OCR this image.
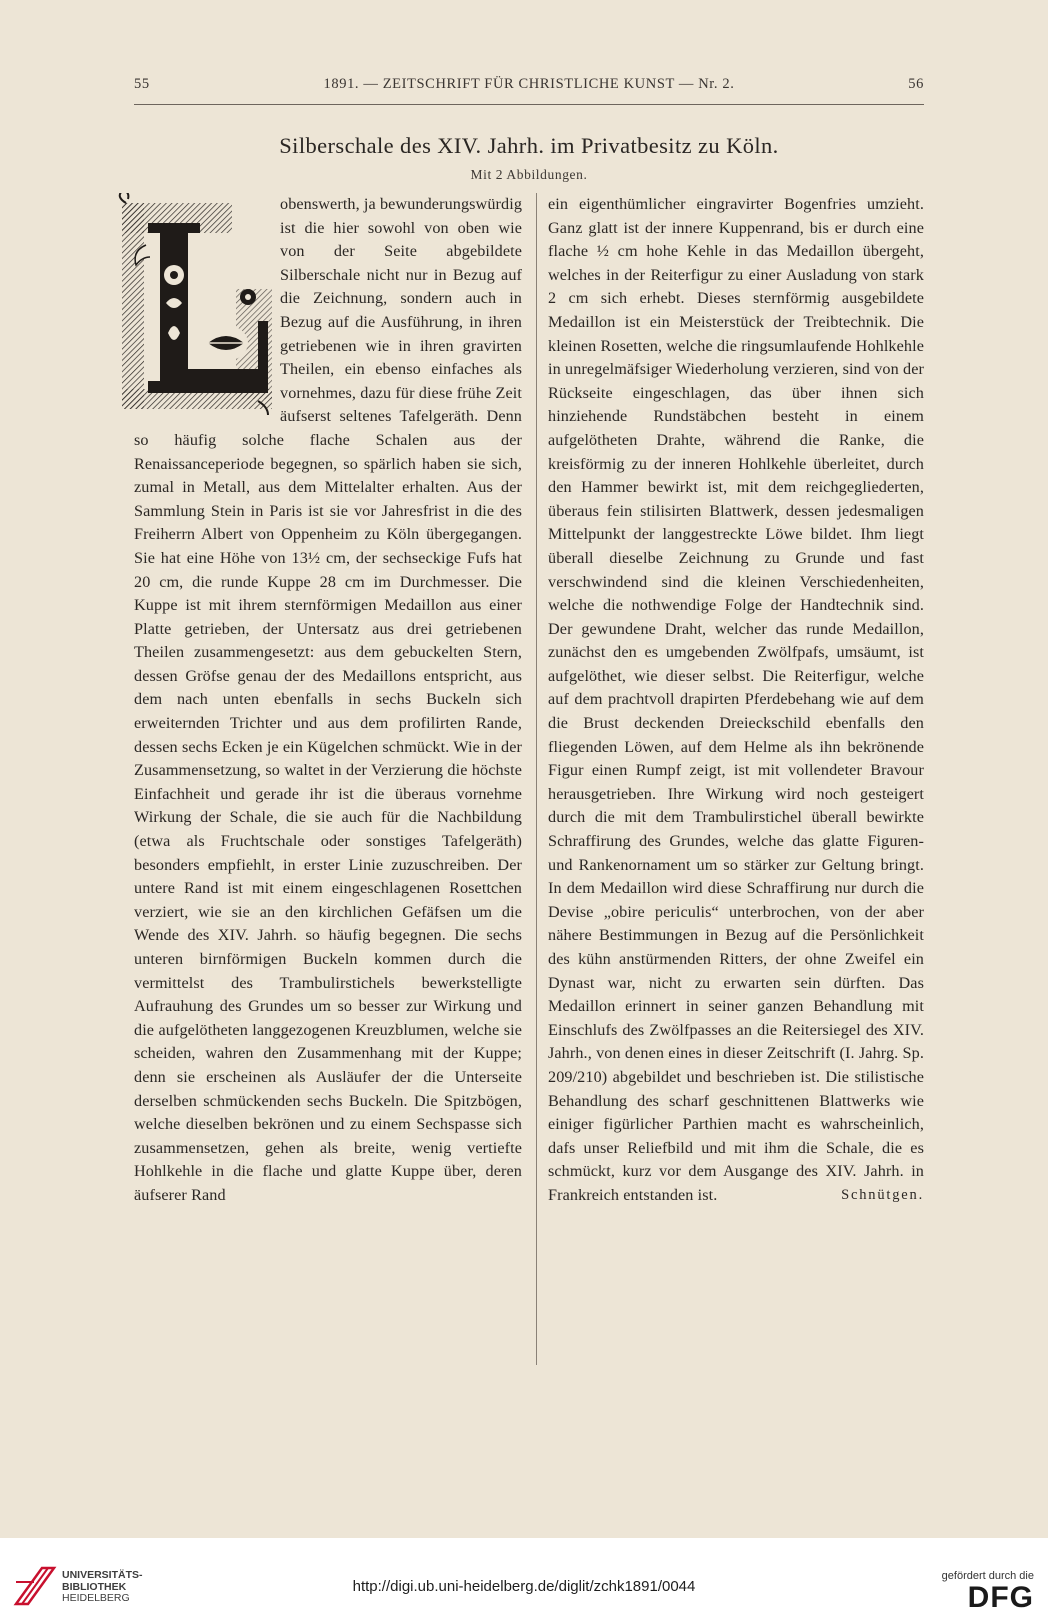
55	1891. — ZEITSCHRIFT FÜR CHRISTLICHE KUNST — Nr. 2.	56
Silberschale des XIV. Jahrh. im Privatbesitz zu Köln.
Mit 2 Abbildungen.

obenswerth, ja bewunderungswürdig ist die hier sowohl von oben wie von der Seite abgebildete Silberschale nicht nur in Bezug auf die Zeichnung, sondern auch in Bezug auf die Ausführung, in ihren getriebenen wie in ihren gravirten Theilen, ein ebenso einfaches als vornehmes, dazu für diese frühe Zeit äufserst seltenes Tafelgeräth. Denn so häufig solche flache Schalen aus der Renaissanceperiode begegnen, so spärlich haben sie sich, zumal in Metall, aus dem Mittelalter erhalten. Aus der Sammlung Stein in Paris ist sie vor Jahresfrist in die des Freiherrn Albert von Oppenheim zu Köln übergegangen. Sie hat eine Höhe von 13½ cm, der sechseckige Fufs hat 20 cm, die runde Kuppe 28 cm im Durchmesser. Die Kuppe ist mit ihrem sternförmigen Medaillon aus einer Platte getrieben, der Untersatz aus drei getriebenen Theilen zusammengesetzt: aus dem gebuckelten Stern, dessen Gröfse genau der des Medaillons entspricht, aus dem nach unten ebenfalls in sechs Buckeln sich erweiternden Trichter und aus dem profilirten Rande, dessen sechs Ecken je ein Kügelchen schmückt. Wie in der Zusammensetzung, so waltet in der Verzierung die höchste Einfachheit und gerade ihr ist die überaus vornehme Wirkung der Schale, die sie auch für die Nachbildung (etwa als Fruchtschale oder sonstiges Tafelgeräth) besonders empfiehlt, in erster Linie zuzuschreiben. Der untere Rand ist mit einem eingeschlagenen Rosettchen verziert, wie sie an den kirchlichen Gefäfsen um die Wende des XIV. Jahrh. so häufig begegnen. Die sechs unteren birnförmigen Buckeln kommen durch die vermittelst des Trambulirstichels bewerkstelligte Aufrauhung des Grundes um so besser zur Wirkung und die aufgelötheten langgezogenen Kreuzblumen, welche sie scheiden, wahren den Zusammenhang mit der Kuppe; denn sie erscheinen als Ausläufer der die Unterseite derselben schmückenden sechs Buckeln. Die Spitzbögen, welche dieselben bekrönen und zu einem Sechspasse sich zusammensetzen, gehen als breite, wenig vertiefte Hohlkehle in die flache und glatte Kuppe über, deren äufserer Rand

ein eigenthümlicher eingravirter Bogenfries umzieht. Ganz glatt ist der innere Kuppenrand, bis er durch eine flache ½ cm hohe Kehle in das Medaillon übergeht, welches in der Reiterfigur zu einer Ausladung von stark 2 cm sich erhebt. Dieses sternförmig ausgebildete Medaillon ist ein Meisterstück der Treibtechnik. Die kleinen Rosetten, welche die ringsumlaufende Hohlkehle in unregelmäfsiger Wiederholung verzieren, sind von der Rückseite eingeschlagen, das über ihnen sich hinziehende Rundstäbchen besteht in einem aufgelötheten Drahte, während die Ranke, die kreisförmig zu der inneren Hohlkehle überleitet, durch den Hammer bewirkt ist, mit dem reichgegliederten, überaus fein stilisirten Blattwerk, dessen jedesmaligen Mittelpunkt der langgestreckte Löwe bildet. Ihm liegt überall dieselbe Zeichnung zu Grunde und fast verschwindend sind die kleinen Verschiedenheiten, welche die nothwendige Folge der Handtechnik sind. Der gewundene Draht, welcher das runde Medaillon, zunächst den es umgebenden Zwölfpafs, umsäumt, ist aufgelöthet, wie dieser selbst. Die Reiterfigur, welche auf dem prachtvoll drapirten Pferdebehang wie auf dem die Brust deckenden Dreieckschild ebenfalls den fliegenden Löwen, auf dem Helme als ihn bekrönende Figur einen Rumpf zeigt, ist mit vollendeter Bravour herausgetrieben. Ihre Wirkung wird noch gesteigert durch die mit dem Trambulirstichel überall bewirkte Schraffirung des Grundes, welche das glatte Figuren- und Rankenornament um so stärker zur Geltung bringt. In dem Medaillon wird diese Schraffirung nur durch die Devise „obire periculis“ unterbrochen, von der aber nähere Bestimmungen in Bezug auf die Persönlichkeit des kühn anstürmenden Ritters, der ohne Zweifel ein Dynast war, nicht zu erwarten sein dürften. Das Medaillon erinnert in seiner ganzen Behandlung mit Einschlufs des Zwölfpasses an die Reitersiegel des XIV. Jahrh., von denen eines in dieser Zeitschrift (I. Jahrg. Sp. 209/210) abgebildet und beschrieben ist. Die stilistische Behandlung des scharf geschnittenen Blattwerks wie einiger figürlicher Parthien macht es wahrscheinlich, dafs unser Reliefbild und mit ihm die Schale, die es schmückt, kurz vor dem Ausgange des XIV. Jahrh. in Frankreich entstanden ist.	Schnütgen.

UNIVERSITÄTS-
BIBLIOTHEK
HEIDELBERG
http://digi.ub.uni-heidelberg.de/diglit/zchk1891/0044
gefördert durch die
DFG
